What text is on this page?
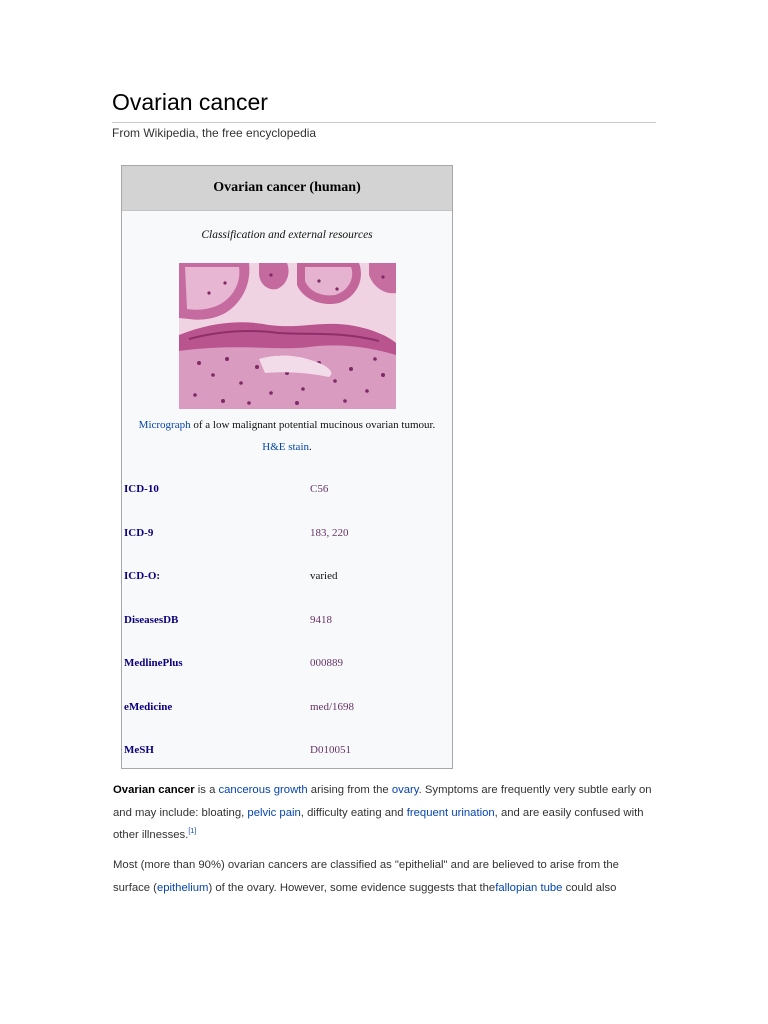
Ovarian cancer
From Wikipedia, the free encyclopedia
Ovarian cancer (human)
Classification and external resources
Micrograph of a low malignant potential mucinous ovarian tumour. H&E stain.
ICD-10	C56
ICD-9	183, 220
ICD-O:	varied
DiseasesDB	9418
MedlinePlus	000889
eMedicine	med/1698
MeSH	D010051
Ovarian cancer is a cancerous growth arising from the ovary. Symptoms are frequently very subtle early on and may include: bloating, pelvic pain, difficulty eating and frequent urination, and are easily confused with other illnesses.[1]
Most (more than 90%) ovarian cancers are classified as "epithelial" and are believed to arise from the surface (epithelium) of the ovary. However, some evidence suggests that thefallopian tube could also
